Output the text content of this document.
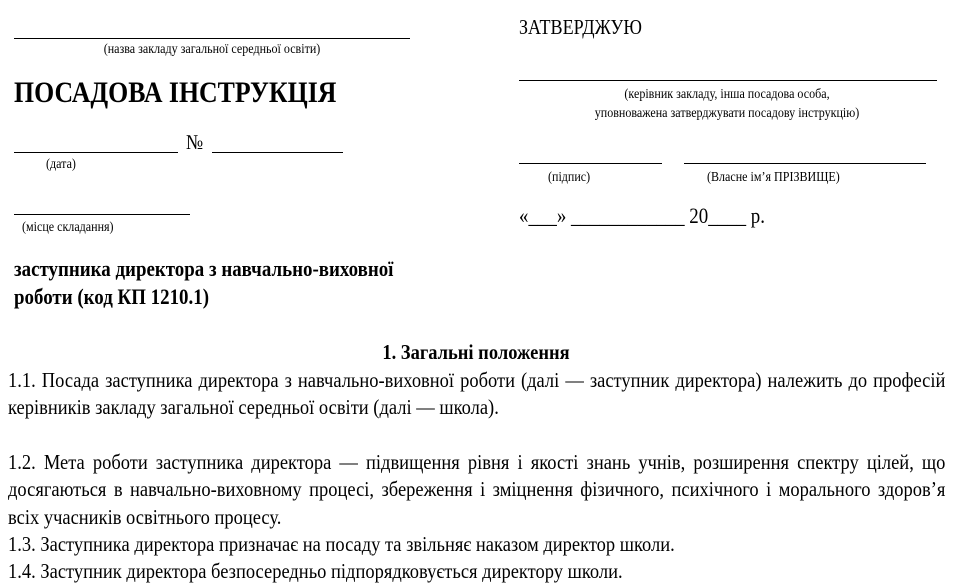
(назва закладу загальної середньої освіти)
ПОСАДОВА ІНСТРУКЦІЯ
№
(дата)
(місце складання)
заступника директора з навчально-виховної
роботи (код КП 1210.1)
ЗАТВЕРДЖУЮ
(керівник закладу, інша посадова особа,
уповноважена затверджувати посадову інструкцію)
(підпис)	(Власне ім’я ПРІЗВИЩЕ)
«___» ____________ 20____ р.
1. Загальні положення
1.1. Посада заступника директора з навчально-виховної роботи (далі — заступник директора) належить до професій керівників закладу загальної середньої освіти (далі — школа).
1.2. Мета роботи заступника директора — підвищення рівня і якості знань учнів, розширення спектру цілей, що досягаються в навчально-виховному процесі, збереження і зміцнення фізичного, психічного і морального здоров’я всіх учасників освітнього процесу.
1.3. Заступника директора призначає на посаду та звільняє наказом директор школи.
1.4. Заступник директора безпосередньо підпорядковується директору школи.
